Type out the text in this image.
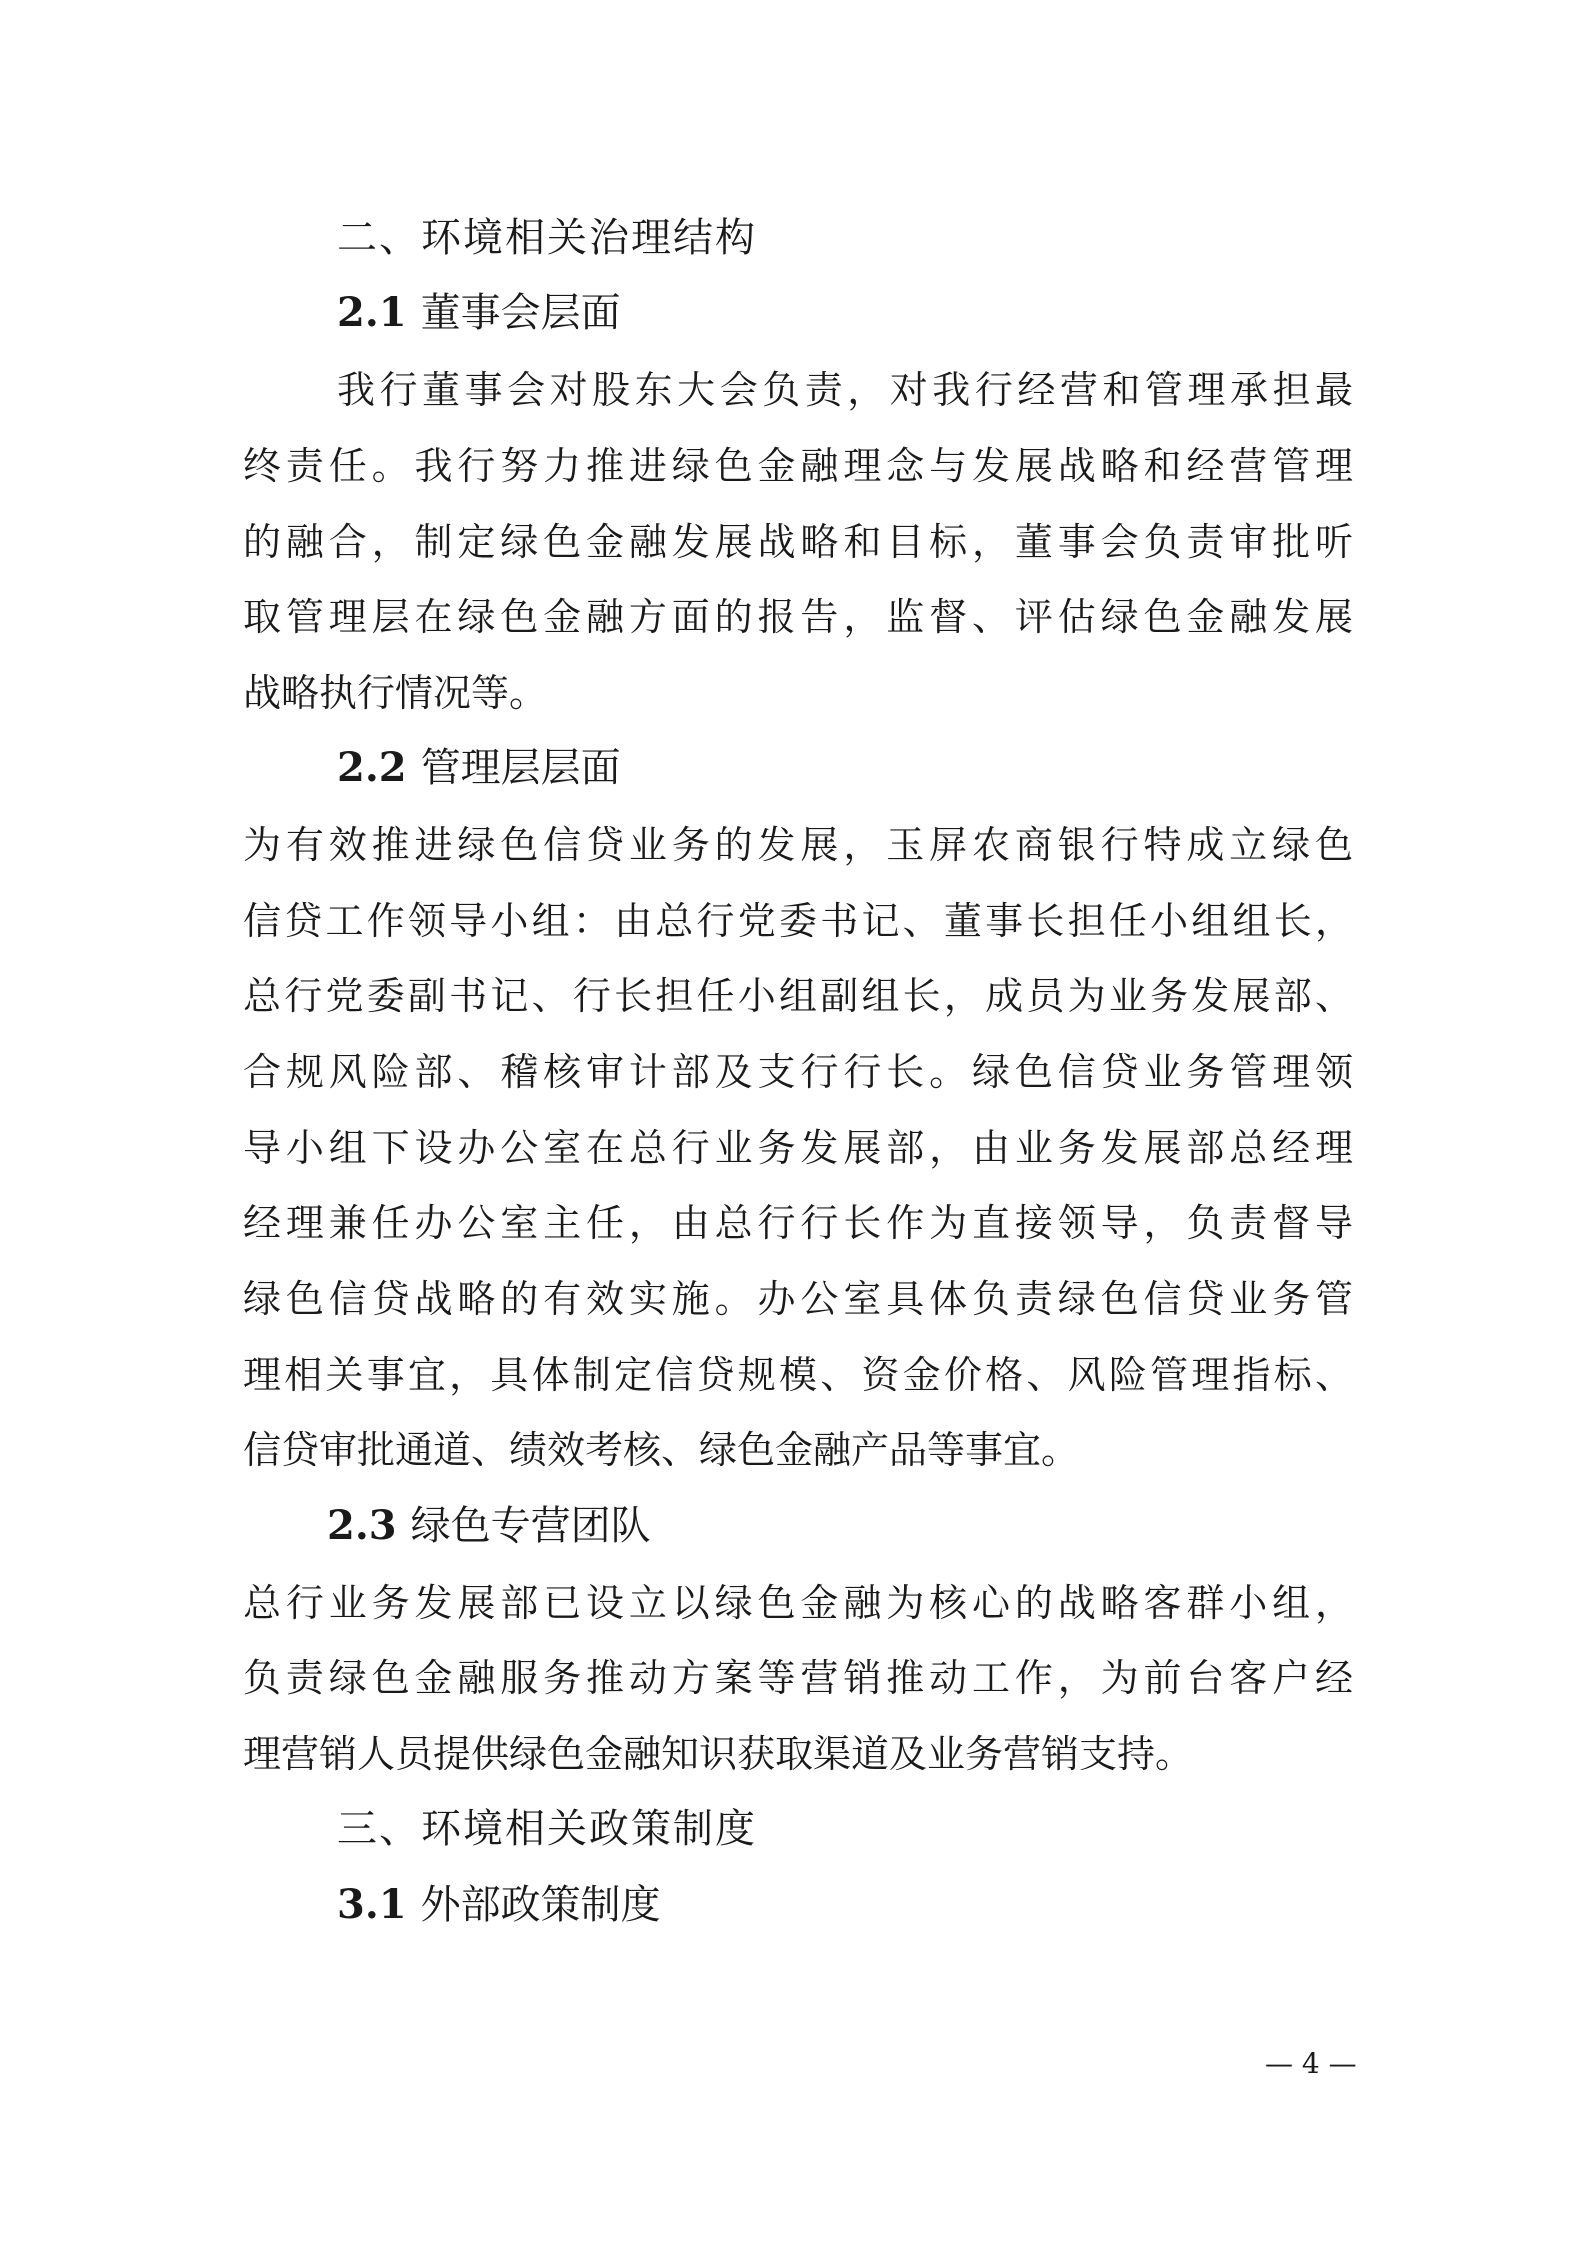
二、环境相关治理结构
2.1 董事会层面
我行董事会对股东大会负责，对我行经营和管理承担最
终责任。我行努力推进绿色金融理念与发展战略和经营管理
的融合，制定绿色金融发展战略和目标，董事会负责审批听
取管理层在绿色金融方面的报告，监督、评估绿色金融发展
战略执行情况等。
2.2 管理层层面
为有效推进绿色信贷业务的发展，玉屏农商银行特成立绿色
信贷工作领导小组：由总行党委书记、董事长担任小组组长，
总行党委副书记、行长担任小组副组长，成员为业务发展部、
合规风险部、稽核审计部及支行行长。绿色信贷业务管理领
导小组下设办公室在总行业务发展部，由业务发展部总经理
经理兼任办公室主任，由总行行长作为直接领导，负责督导
绿色信贷战略的有效实施。办公室具体负责绿色信贷业务管
理相关事宜，具体制定信贷规模、资金价格、风险管理指标、
信贷审批通道、绩效考核、绿色金融产品等事宜。
2.3 绿色专营团队
总行业务发展部已设立以绿色金融为核心的战略客群小组，
负责绿色金融服务推动方案等营销推动工作，为前台客户经
理营销人员提供绿色金融知识获取渠道及业务营销支持。
三、环境相关政策制度
3.1 外部政策制度
— 4 —
